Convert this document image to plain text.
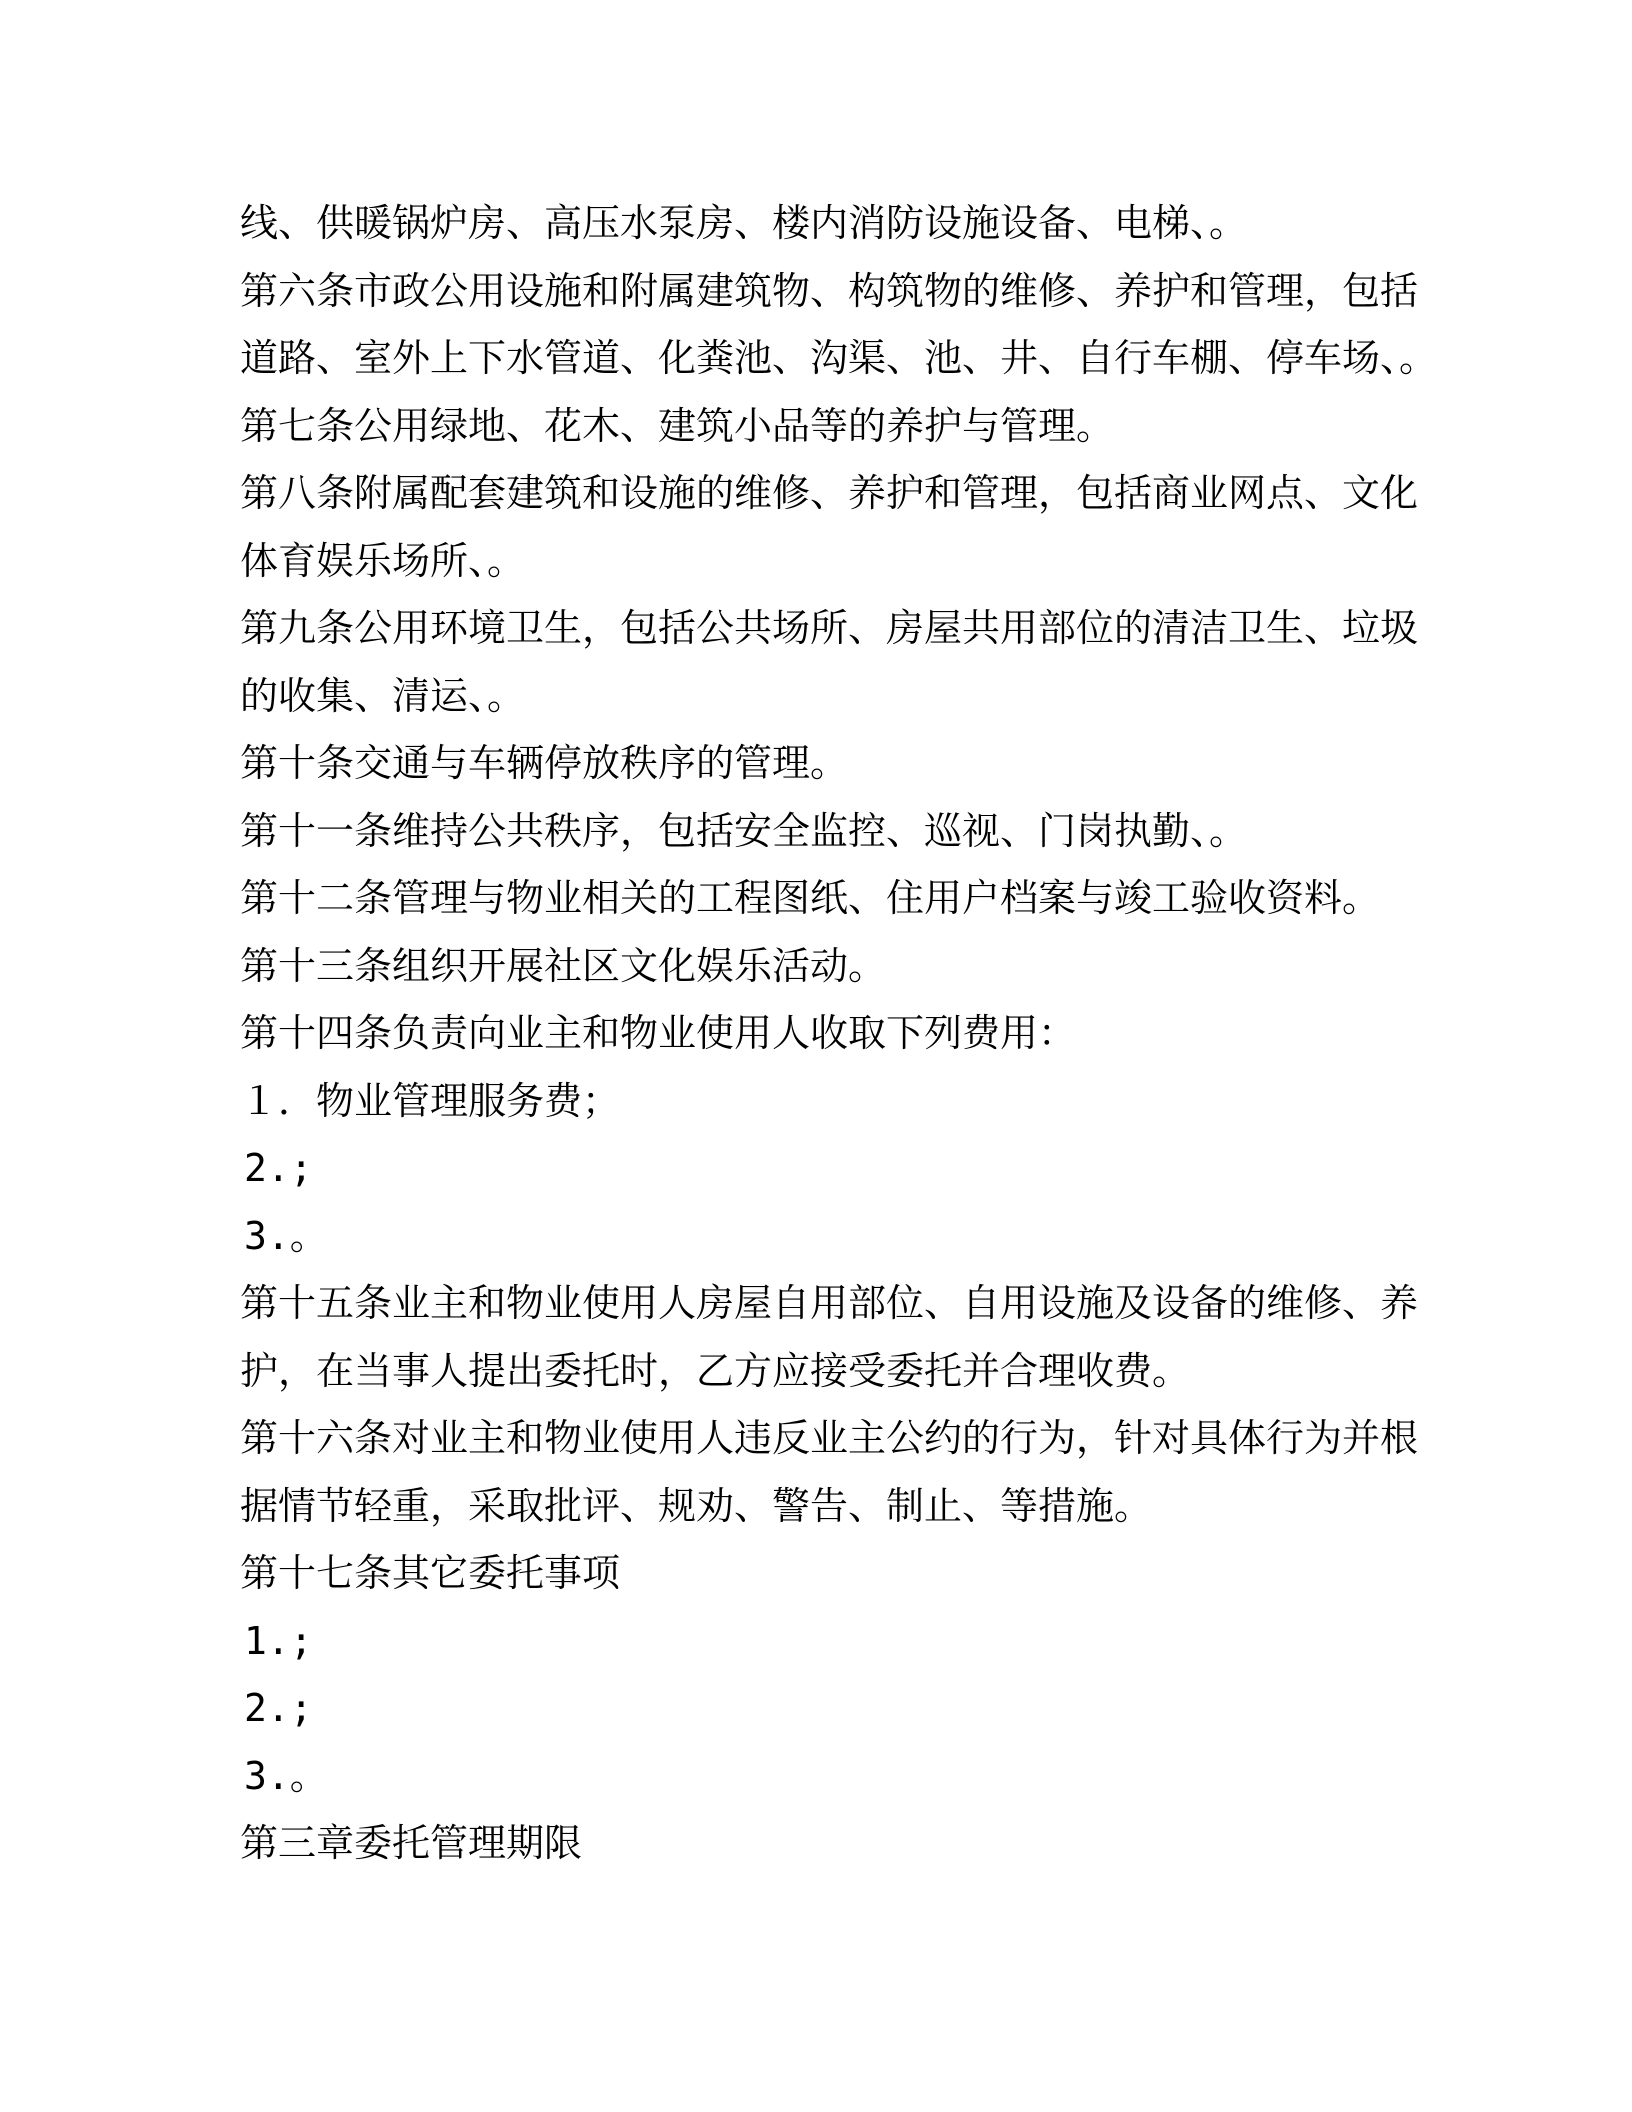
线、供暖锅炉房、高压水泵房、楼内消防设施设备、电梯、。
第六条市政公用设施和附属建筑物、构筑物的维修、养护和管理，包括
道路、室外上下水管道、化粪池、沟渠、池、井、自行车棚、停车场、。
第七条公用绿地、花木、建筑小品等的养护与管理。
第八条附属配套建筑和设施的维修、养护和管理，包括商业网点、文化
体育娱乐场所、。
第九条公用环境卫生，包括公共场所、房屋共用部位的清洁卫生、垃圾
的收集、清运、。
第十条交通与车辆停放秩序的管理。
第十一条维持公共秩序，包括安全监控、巡视、门岗执勤、。
第十二条管理与物业相关的工程图纸、住用户档案与竣工验收资料。
第十三条组织开展社区文化娱乐活动。
第十四条负责向业主和物业使用人收取下列费用：
１．物业管理服务费；
2.;
3.。
第十五条业主和物业使用人房屋自用部位、自用设施及设备的维修、养
护，在当事人提出委托时，乙方应接受委托并合理收费。
第十六条对业主和物业使用人违反业主公约的行为，针对具体行为并根
据情节轻重，采取批评、规劝、警告、制止、等措施。
第十七条其它委托事项
1.;
2.;
3.。
第三章委托管理期限
